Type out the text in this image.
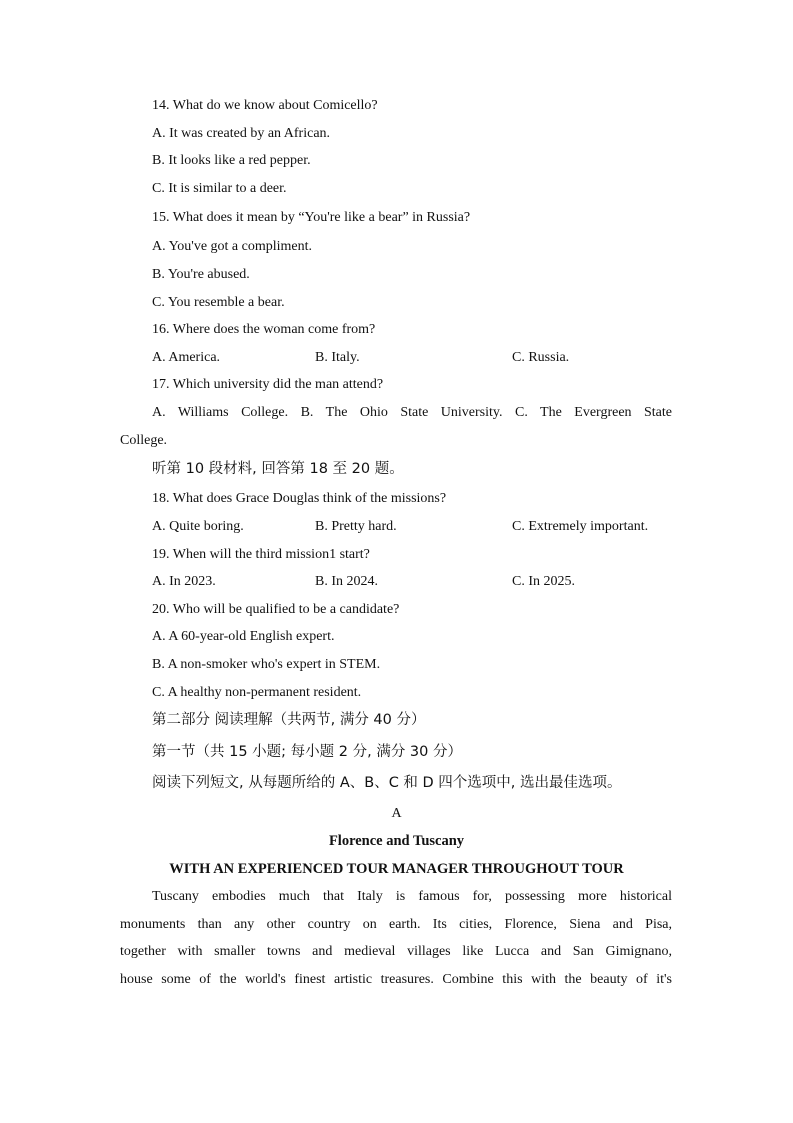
14. What do we know about Comicello?
A. It was created by an African.
B. It looks like a red pepper.
C. It is similar to a deer.
15. What does it mean by “You're like a bear” in Russia?
A. You've got a compliment.
B. You're abused.
C. You resemble a bear.
16. Where does the woman come from?
A. America.	B. Italy.	C. Russia.
17. Which university did the man attend?
A. Williams College. B. The Ohio State University. C. The Evergreen State
College.
听第 10 段材料, 回答第 18 至 20 题。
18. What does Grace Douglas think of the missions?
A. Quite boring.	B. Pretty hard.	C. Extremely important.
19. When will the third mission1 start?
A. In 2023.	B. In 2024.	C. In 2025.
20. Who will be qualified to be a candidate?
A. A 60-year-old English expert.
B. A non-smoker who's expert in STEM.
C. A healthy non-permanent resident.
第二部分 阅读理解（共两节, 满分 40 分）
第一节（共 15 小题; 每小题 2 分, 满分 30 分）
阅读下列短文, 从每题所给的 A、B、C 和 D 四个选项中, 选出最佳选项。
A
Florence and Tuscany
WITH AN EXPERIENCED TOUR MANAGER THROUGHOUT TOUR
Tuscany embodies much that Italy is famous for, possessing more historical
monuments than any other country on earth. Its cities, Florence, Siena and Pisa,
together with smaller towns and medieval villages like Lucca and San Gimignano,
house some of the world's finest artistic treasures. Combine this with the beauty of it's
